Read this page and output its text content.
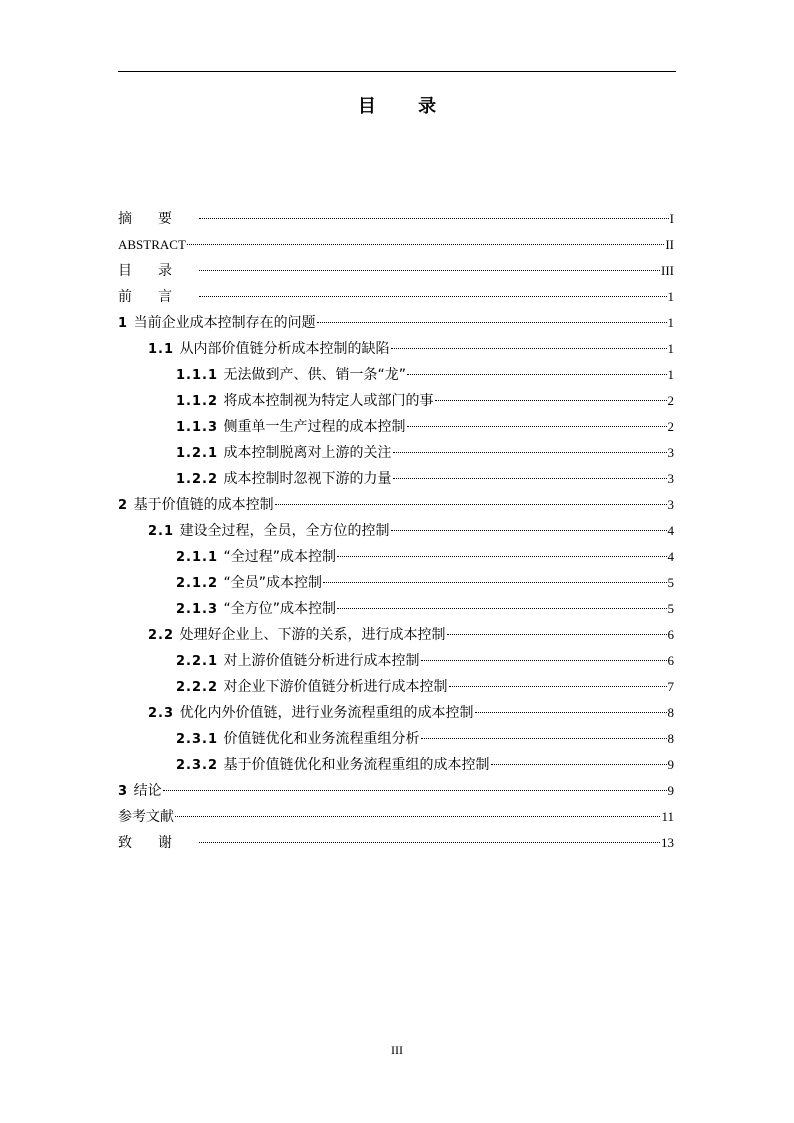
目 录
摘要	I
ABSTRACT	II
目录	III
前言	1
1 当前企业成本控制存在的问题	1
1.1 从内部价值链分析成本控制的缺陷	1
1.1.1 无法做到产、供、销一条“龙”	1
1.1.2 将成本控制视为特定人或部门的事	2
1.1.3 侧重单一生产过程的成本控制	2
1.2.1 成本控制脱离对上游的关注	3
1.2.2 成本控制时忽视下游的力量	3
2 基于价值链的成本控制	3
2.1 建设全过程，全员，全方位的控制	4
2.1.1 “全过程”成本控制	4
2.1.2 “全员”成本控制	5
2.1.3 “全方位”成本控制	5
2.2 处理好企业上、下游的关系，进行成本控制	6
2.2.1 对上游价值链分析进行成本控制	6
2.2.2 对企业下游价值链分析进行成本控制	7
2.3 优化内外价值链，进行业务流程重组的成本控制	8
2.3.1 价值链优化和业务流程重组分析	8
2.3.2 基于价值链优化和业务流程重组的成本控制	9
3 结论	9
参考文献	11
致谢	13
III
